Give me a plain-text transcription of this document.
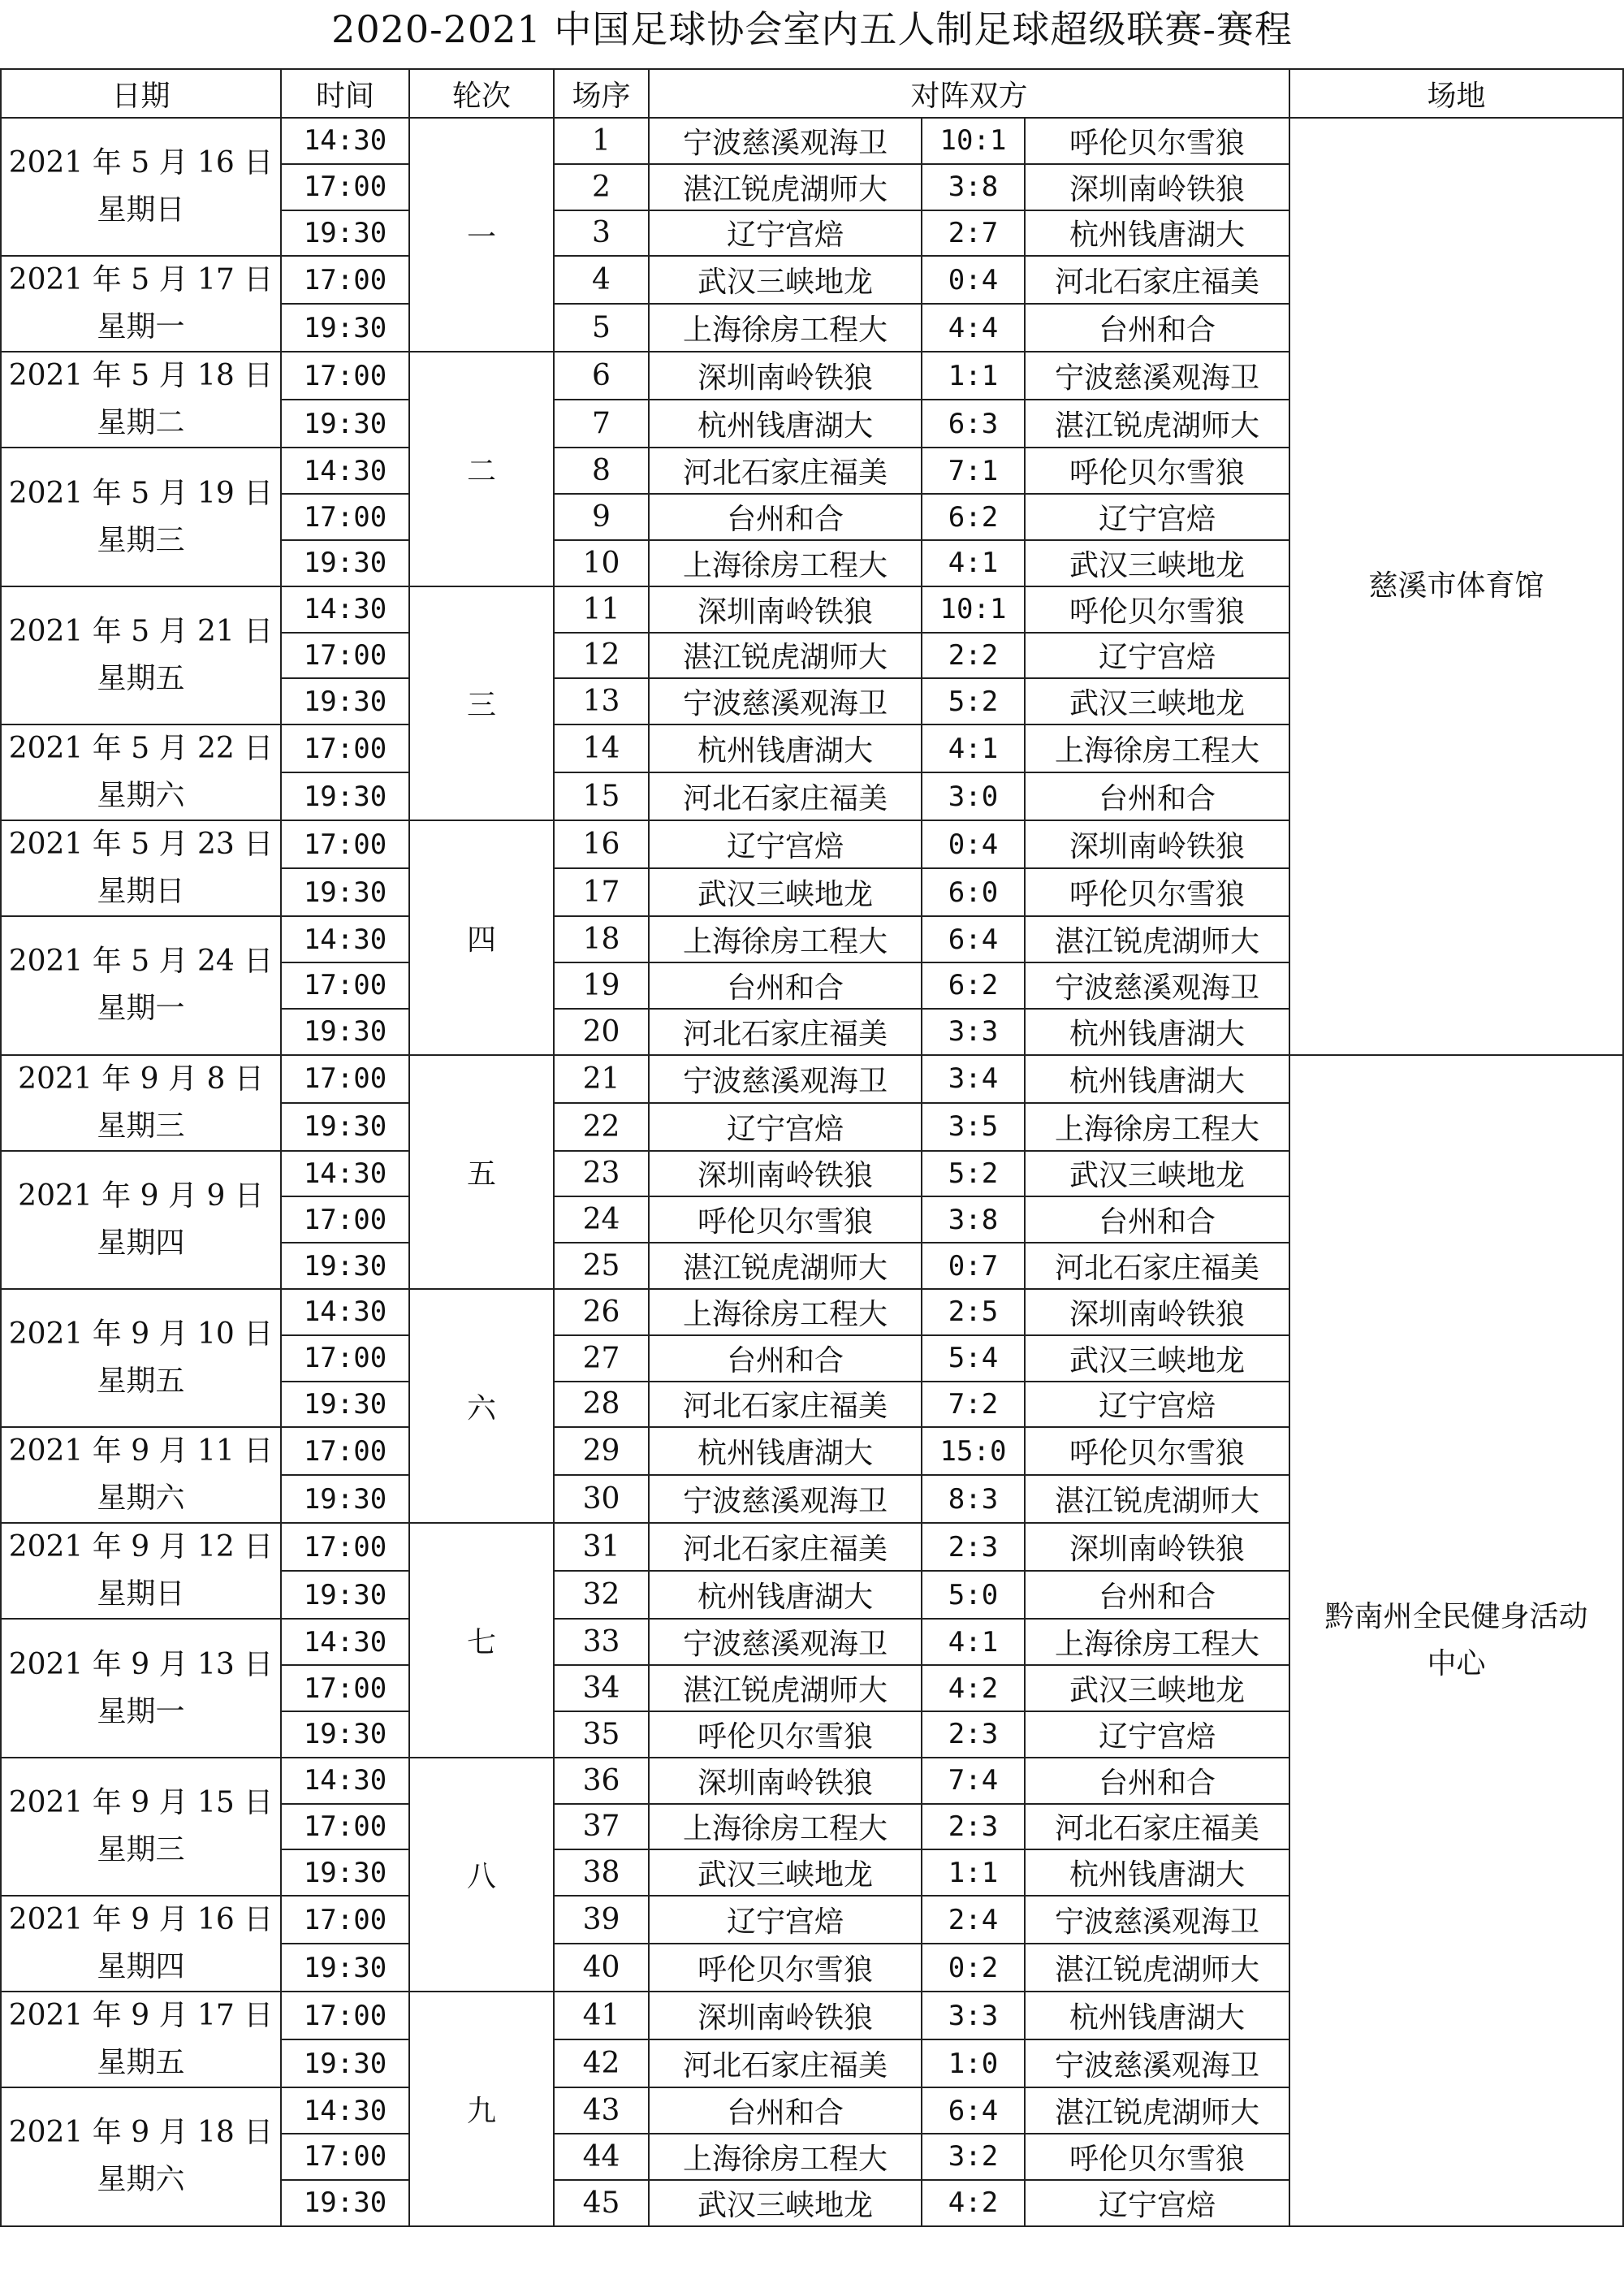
2020-2021 中国足球协会室内五人制足球超级联赛-赛程
日期	时间	轮次	场序	对阵双方			场地

2021 年 5 月 16 日
星期日	14:30	一	1	宁波慈溪观海卫	10:1	呼伦贝尔雪狼	慈溪市体育馆
	17:00		2	湛江锐虎湖师大	3:8	深圳南岭铁狼	
	19:30		3	辽宁宫焙	2:7	杭州钱唐湖大	

2021 年 5 月 17 日
星期一	17:00		4	武汉三峡地龙	0:4	河北石家庄福美	
	19:30		5	上海徐房工程大	4:4	台州和合	

2021 年 5 月 18 日
星期二	17:00	二	6	深圳南岭铁狼	1:1	宁波慈溪观海卫	
	19:30		7	杭州钱唐湖大	6:3	湛江锐虎湖师大	

2021 年 5 月 19 日
星期三	14:30		8	河北石家庄福美	7:1	呼伦贝尔雪狼	
	17:00		9	台州和合	6:2	辽宁宫焙	
	19:30		10	上海徐房工程大	4:1	武汉三峡地龙	

2021 年 5 月 21 日
星期五	14:30	三	11	深圳南岭铁狼	10:1	呼伦贝尔雪狼	
	17:00		12	湛江锐虎湖师大	2:2	辽宁宫焙	
	19:30		13	宁波慈溪观海卫	5:2	武汉三峡地龙	

2021 年 5 月 22 日
星期六	17:00		14	杭州钱唐湖大	4:1	上海徐房工程大	
	19:30		15	河北石家庄福美	3:0	台州和合	

2021 年 5 月 23 日
星期日	17:00	四	16	辽宁宫焙	0:4	深圳南岭铁狼	
	19:30		17	武汉三峡地龙	6:0	呼伦贝尔雪狼	

2021 年 5 月 24 日
星期一	14:30		18	上海徐房工程大	6:4	湛江锐虎湖师大	
	17:00		19	台州和合	6:2	宁波慈溪观海卫	
	19:30		20	河北石家庄福美	3:3	杭州钱唐湖大	

2021 年 9 月 8 日
星期三	17:00	五	21	宁波慈溪观海卫	3:4	杭州钱唐湖大	黔南州全民健身活动
中心

	19:30		22	辽宁宫焙	3:5	上海徐房工程大	

2021 年 9 月 9 日
星期四	14:30		23	深圳南岭铁狼	5:2	武汉三峡地龙	
	17:00		24	呼伦贝尔雪狼	3:8	台州和合	
	19:30		25	湛江锐虎湖师大	0:7	河北石家庄福美	

2021 年 9 月 10 日
星期五	14:30	六	26	上海徐房工程大	2:5	深圳南岭铁狼	
	17:00		27	台州和合	5:4	武汉三峡地龙	
	19:30		28	河北石家庄福美	7:2	辽宁宫焙	

2021 年 9 月 11 日
星期六	17:00		29	杭州钱唐湖大	15:0	呼伦贝尔雪狼	
	19:30		30	宁波慈溪观海卫	8:3	湛江锐虎湖师大	

2021 年 9 月 12 日
星期日	17:00	七	31	河北石家庄福美	2:3	深圳南岭铁狼	
	19:30		32	杭州钱唐湖大	5:0	台州和合	

2021 年 9 月 13 日
星期一	14:30		33	宁波慈溪观海卫	4:1	上海徐房工程大	
	17:00		34	湛江锐虎湖师大	4:2	武汉三峡地龙	
	19:30		35	呼伦贝尔雪狼	2:3	辽宁宫焙	

2021 年 9 月 15 日
星期三	14:30	八	36	深圳南岭铁狼	7:4	台州和合	
	17:00		37	上海徐房工程大	2:3	河北石家庄福美	
	19:30		38	武汉三峡地龙	1:1	杭州钱唐湖大	

2021 年 9 月 16 日
星期四	17:00		39	辽宁宫焙	2:4	宁波慈溪观海卫	
	19:30		40	呼伦贝尔雪狼	0:2	湛江锐虎湖师大	

2021 年 9 月 17 日
星期五	17:00	九	41	深圳南岭铁狼	3:3	杭州钱唐湖大	
	19:30		42	河北石家庄福美	1:0	宁波慈溪观海卫	

2021 年 9 月 18 日
星期六	14:30		43	台州和合	6:4	湛江锐虎湖师大	
	17:00		44	上海徐房工程大	3:2	呼伦贝尔雪狼	
	19:30		45	武汉三峡地龙	4:2	辽宁宫焙	
